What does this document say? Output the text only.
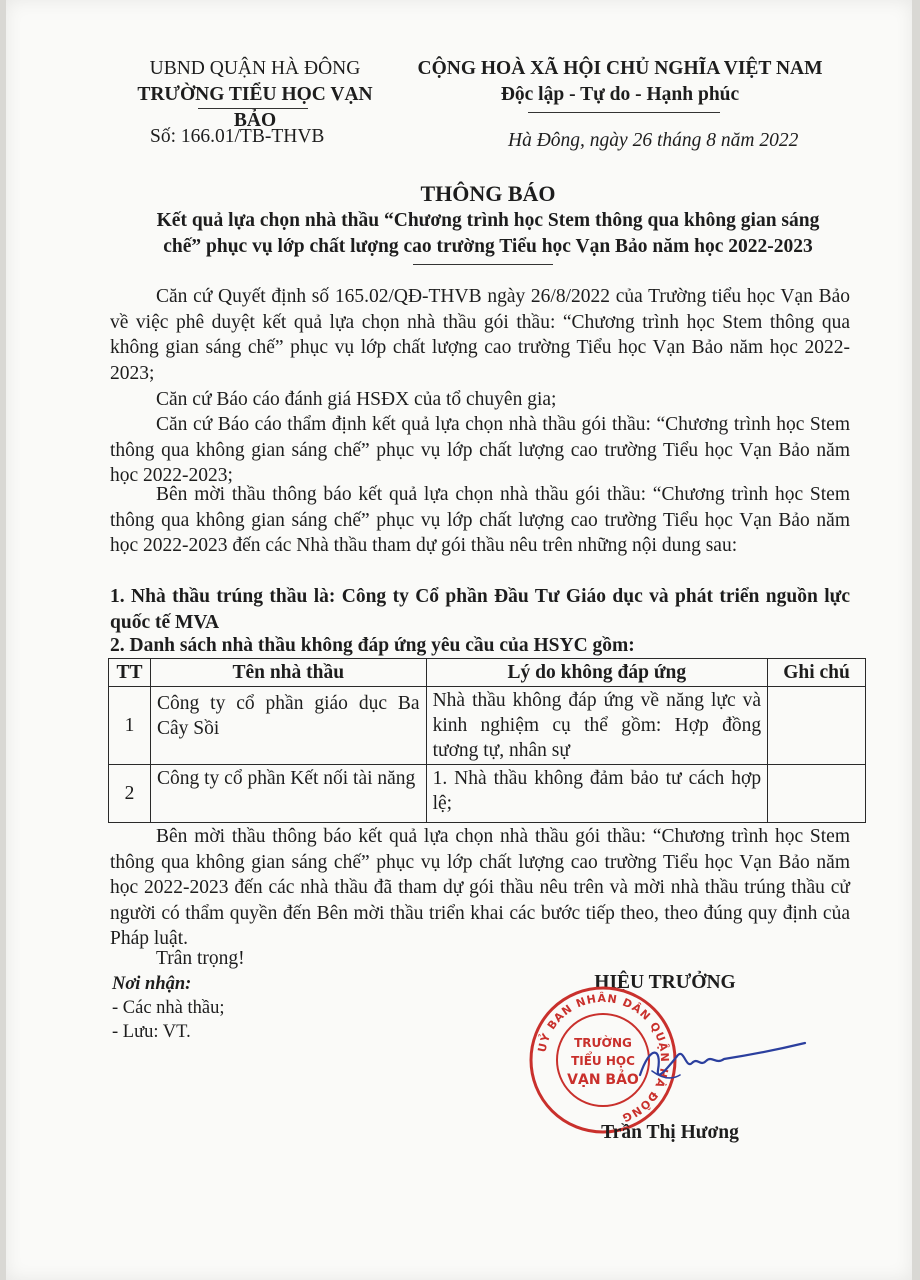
UBND QUẬN HÀ ĐÔNG
TRƯỜNG TIỂU HỌC VẠN BẢO
Số: 166.01/TB-THVB
CỘNG HOÀ XÃ HỘI CHỦ NGHĨA VIỆT NAM
Độc lập - Tự do - Hạnh phúc
Hà Đông, ngày 26 tháng 8 năm 2022
THÔNG BÁO
Kết quả lựa chọn nhà thầu “Chương trình học Stem thông qua không gian sáng
chế” phục vụ lớp chất lượng cao trường Tiểu học Vạn Bảo năm học 2022-2023
Căn cứ Quyết định số 165.02/QĐ-THVB ngày 26/8/2022 của Trường tiểu học Vạn Bảo về việc phê duyệt kết quả lựa chọn nhà thầu gói thầu: “Chương trình học Stem thông qua không gian sáng chế” phục vụ lớp chất lượng cao trường Tiểu học Vạn Bảo năm học 2022-2023;
Căn cứ Báo cáo đánh giá HSĐX của tổ chuyên gia;
Căn cứ Báo cáo thẩm định kết quả lựa chọn nhà thầu gói thầu: “Chương trình học Stem thông qua không gian sáng chế” phục vụ lớp chất lượng cao trường Tiểu học Vạn Bảo năm học 2022-2023;
Bên mời thầu thông báo kết quả lựa chọn nhà thầu gói thầu: “Chương trình học Stem thông qua không gian sáng chế” phục vụ lớp chất lượng cao trường Tiểu học Vạn Bảo năm học 2022-2023 đến các Nhà thầu tham dự gói thầu nêu trên những nội dung sau:
1. Nhà thầu trúng thầu là: Công ty Cổ phần Đầu Tư Giáo dục và phát triển nguồn lực quốc tế MVA
2. Danh sách nhà thầu không đáp ứng yêu cầu của HSYC gồm:
TT	Tên nhà thầu	Lý do không đáp ứng	Ghi chú
1	Công ty cổ phần giáo dục Ba Cây Sồi	Nhà thầu không đáp ứng về năng lực và kinh nghiệm cụ thể gồm: Hợp đồng tương tự, nhân sự	
2	Công ty cổ phần Kết nối tài năng	1. Nhà thầu không đảm bảo tư cách hợp lệ;	
Bên mời thầu thông báo kết quả lựa chọn nhà thầu gói thầu: “Chương trình học Stem thông qua không gian sáng chế” phục vụ lớp chất lượng cao trường Tiểu học Vạn Bảo năm học 2022-2023 đến các nhà thầu đã tham dự gói thầu nêu trên và mời nhà thầu trúng thầu cử người có thẩm quyền đến Bên mời thầu triển khai các bước tiếp theo, theo đúng quy định của Pháp luật.
Trân trọng!
Nơi nhận:
- Các nhà thầu;
- Lưu: VT.
HIỆU TRƯỞNG
UỶ BAN NHÂN DÂN QUẬN HÀ ĐÔNG
TRƯỜNG
TIỂU HỌC
VẠN BẢO
Trần Thị Hương
